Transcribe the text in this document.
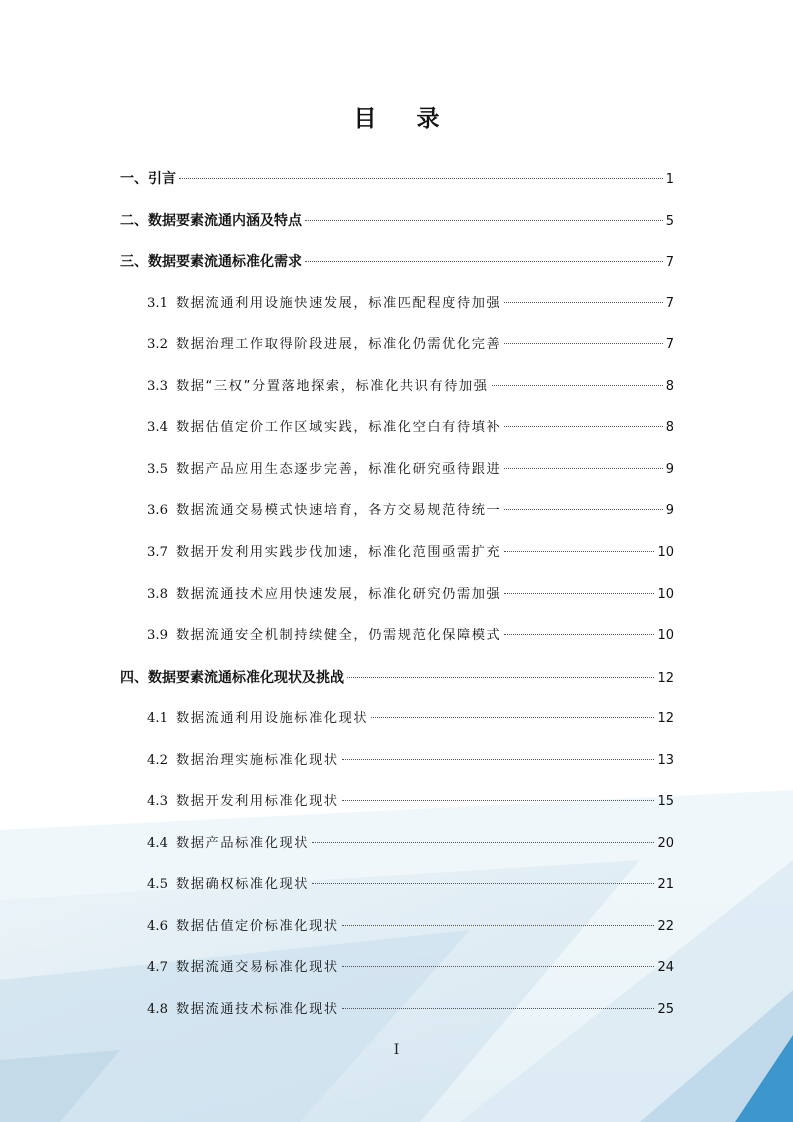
目 录
一、引言	1
二、数据要素流通内涵及特点	5
三、数据要素流通标准化需求	7
3.1 数据流通利用设施快速发展，标准匹配程度待加强	7
3.2 数据治理工作取得阶段进展，标准化仍需优化完善	7
3.3 数据“三权”分置落地探索，标准化共识有待加强	8
3.4 数据估值定价工作区域实践，标准化空白有待填补	8
3.5 数据产品应用生态逐步完善，标准化研究亟待跟进	9
3.6 数据流通交易模式快速培育，各方交易规范待统一	9
3.7 数据开发利用实践步伐加速，标准化范围亟需扩充	10
3.8 数据流通技术应用快速发展，标准化研究仍需加强	10
3.9 数据流通安全机制持续健全，仍需规范化保障模式	10
四、数据要素流通标准化现状及挑战	12
4.1 数据流通利用设施标准化现状	12
4.2 数据治理实施标准化现状	13
4.3 数据开发利用标准化现状	15
4.4 数据产品标准化现状	20
4.5 数据确权标准化现状	21
4.6 数据估值定价标准化现状	22
4.7 数据流通交易标准化现状	24
4.8 数据流通技术标准化现状	25
I
